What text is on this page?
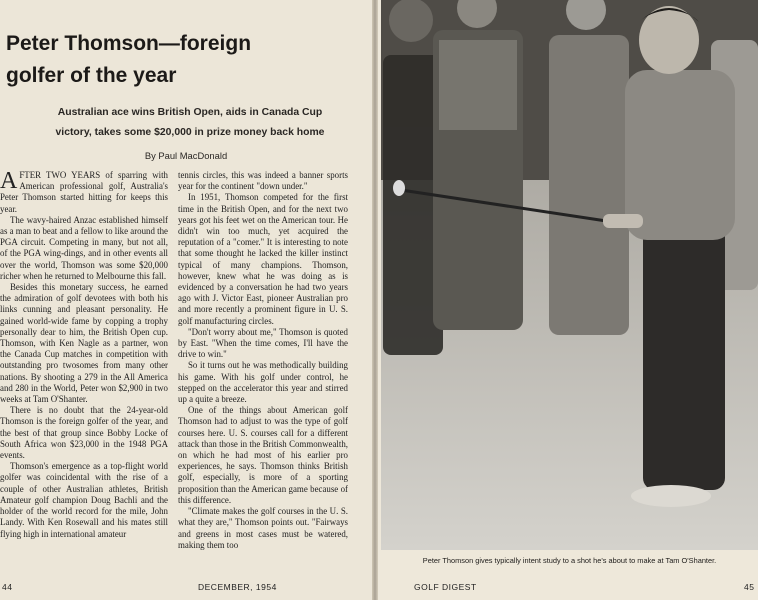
Peter Thomson—foreign
golfer of the year

Australian ace wins British Open, aids in Canada Cup
victory, takes some $20,000 in prize money back home

By Paul MacDonald

AFTER TWO YEARS of sparring with American professional golf, Australia's Peter Thomson started hitting for keeps this year.

The wavy-haired Anzac established himself as a man to beat and a fellow to like around the PGA circuit. Competing in many, but not all, of the PGA wing-dings, and in other events all over the world, Thomson was some $20,000 richer when he returned to Melbourne this fall.

Besides this monetary success, he earned the admiration of golf devotees with both his links cunning and pleasant personality. He gained world-wide fame by copping a trophy personally dear to him, the British Open cup. Thomson, with Ken Nagle as a partner, won the Canada Cup matches in competition with outstanding pro twosomes from many other nations. By shooting a 279 in the All America and 280 in the World, Peter won $2,900 in two weeks at Tam O'Shanter.

There is no doubt that the 24-year-old Thomson is the foreign golfer of the year, and the best of that group since Bobby Locke of South Africa won $23,000 in the 1948 PGA events.

Thomson's emergence as a top-flight world golfer was coincidental with the rise of a couple of other Australian athletes, British Amateur golf champion Doug Bachli and the holder of the world record for the mile, John Landy. With Ken Rosewall and his mates still flying high in international amateur

tennis circles, this was indeed a banner sports year for the continent "down under."

In 1951, Thomson competed for the first time in the British Open, and for the next two years got his feet wet on the American tour. He didn't win too much, yet acquired the reputation of a "comer." It is interesting to note that some thought he lacked the killer instinct typical of many champions. Thomson, however, knew what he was doing as is evidenced by a conversation he had two years ago with J. Victor East, pioneer Australian pro and more recently a prominent figure in U. S. golf manufacturing circles.

"Don't worry about me," Thomson is quoted by East. "When the time comes, I'll have the drive to win."

So it turns out he was methodically building his game. With his golf under control, he stepped on the accelerator this year and stirred up a quite a breeze.

One of the things about American golf Thomson had to adjust to was the type of golf courses here. U. S. courses call for a different attack than those in the British Commonwealth, on which he had most of his earlier pro experiences, he says. Thomson thinks British golf, especially, is more of a sporting proposition than the American game because of this difference.

"Climate makes the golf courses in the U. S. what they are," Thomson points out. "Fairways and greens in most cases must be watered, making them too

44	DECEMBER, 1954
Peter Thomson gives typically intent study to a shot he's about to make at Tam O'Shanter.
GOLF DIGEST	45
